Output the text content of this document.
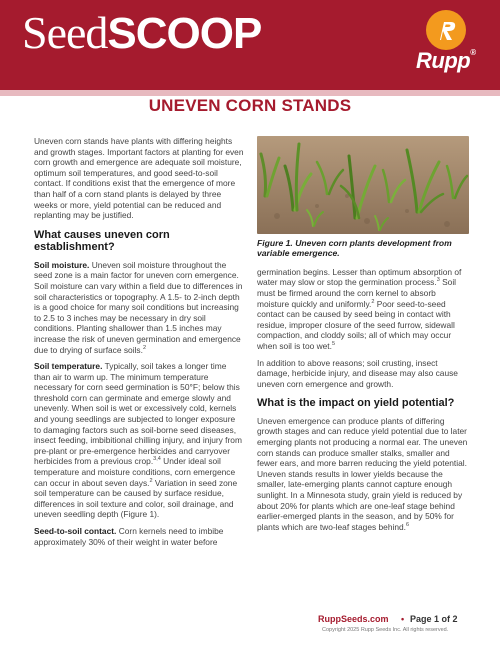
SeedSCOOP
Rupp®
UNEVEN CORN STANDS

Uneven corn stands have plants with differing heights and growth stages. Important factors at planting for even corn growth and emergence are adequate soil moisture, optimum soil temperatures, and good seed-to-soil contact. If conditions exist that the emergence of more than half of a corn stand plants is delayed by three weeks or more, yield potential can be reduced and replanting may be justified.

What causes uneven corn establishment?

Soil moisture. Uneven soil moisture throughout the seed zone is a main factor for uneven corn emergence. Soil moisture can vary within a field due to differences in soil characteristics or topography. A 1.5- to 2-inch depth is a good choice for many soil conditions but increasing to 2.5 to 3 inches may be necessary in dry soil conditions. Planting shallower than 1.5 inches may increase the risk of uneven germination and emergence due to drying of surface soils.$^2$

Soil temperature. Typically, soil takes a longer time than air to warm up. The minimum temperature necessary for corn seed germination is 50°F; below this threshold corn can germinate and emerge slowly and unevenly. When soil is wet or excessively cold, kernels and young seedlings are subjected to longer exposure to damaging factors such as soil-borne seed diseases, insect feeding, imbibitional chilling injury, and injury from pre-plant or pre-emergence herbicides and carryover herbicides from a previous crop.$^{3,4}$ Under ideal soil temperature and moisture conditions, corn emergence can occur in about seven days.$^2$ Variation in seed zone soil temperature can be caused by surface residue, differences in soil texture and color, soil drainage, and uneven seedling depth (Figure 1).

Seed-to-soil contact. Corn kernels need to imbibe approximately 30% of their weight in water before

Figure 1. Uneven corn plants development from variable emergence.

germination begins. Lesser than optimum absorption of water may slow or stop the germination process.$^3$ Soil must be firmed around the corn kernel to absorb moisture quickly and uniformly.$^2$ Poor seed-to-seed contact can be caused by seed being in contact with residue, improper closure of the seed furrow, sidewall compaction, and cloddy soils; all of which may occur when soil is too wet.$^5$

In addition to above reasons; soil crusting, insect damage, herbicide injury, and disease may also cause uneven corn emergence and growth.

What is the impact on yield potential?

Uneven emergence can produce plants of differing growth stages and can reduce yield potential due to later emerging plants not producing a normal ear. The uneven corn stands can produce smaller stalks, smaller and fewer ears, and more barren reducing the yield potential. Uneven stands results in lower yields because the smaller, late-emerging plants cannot capture enough sunlight. In a Minnesota study, grain yield is reduced by about 20% for plants which are one-leaf stage behind earlier-emerged plants in the season, and by 50% for plants which are two-leaf stages behind.$^6$

RuppSeeds.com • Page 1 of 2
Copyright 2025 Rupp Seeds Inc. All rights reserved.
